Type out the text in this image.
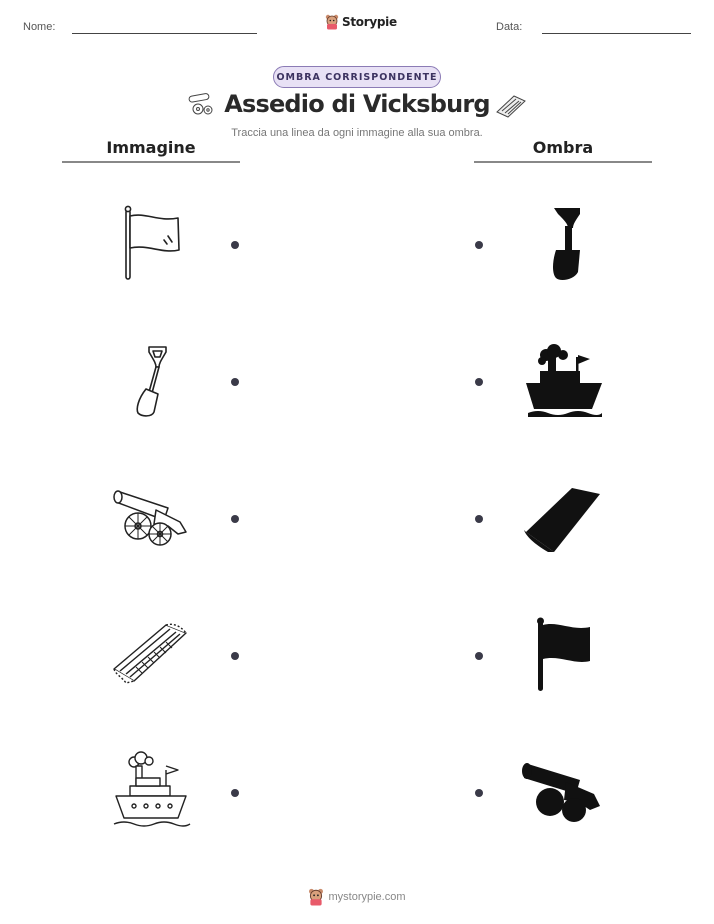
Nome:	Storypie	Data:
OMBRA CORRISPONDENTE
Assedio di Vicksburg
Traccia una linea da ogni immagine alla sua ombra.
Immagine	Ombra
mystorypie.com
